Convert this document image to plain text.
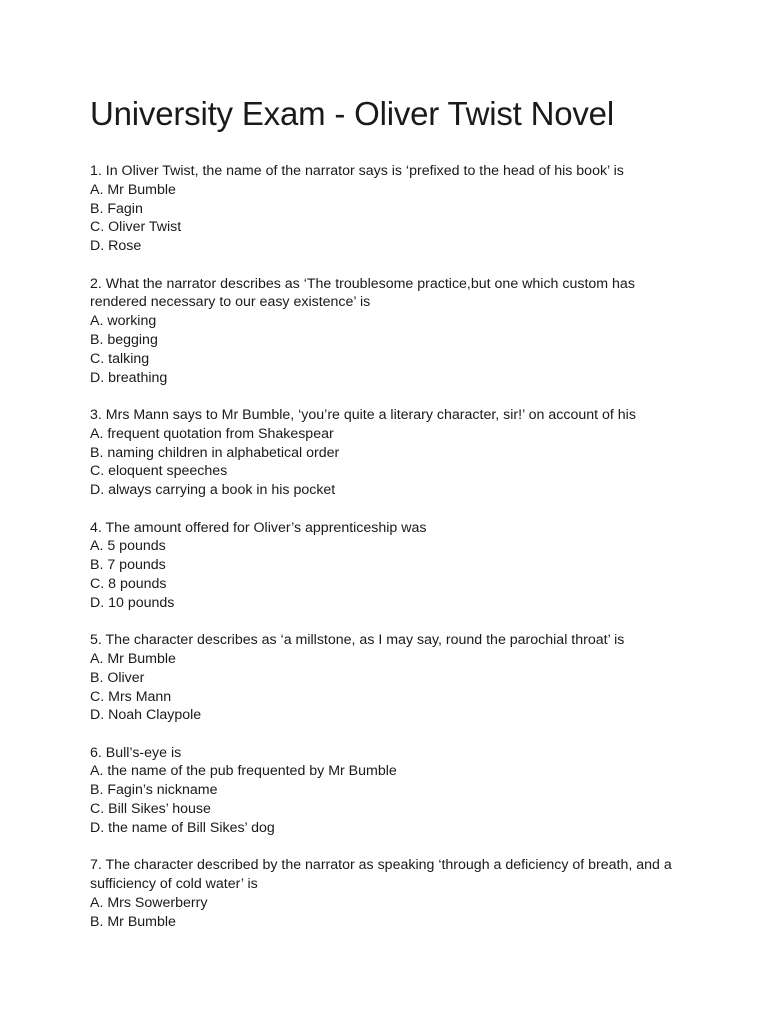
University Exam - Oliver Twist Novel
1. In Oliver Twist, the name of the narrator says is ‘prefixed to the head of his book’ is
A. Mr Bumble
B. Fagin
C. Oliver Twist
D. Rose
2. What the narrator describes as ‘The troublesome practice,but one which custom has rendered necessary to our easy existence’ is
A. working
B. begging
C. talking
D. breathing
3. Mrs Mann says to Mr Bumble, ‘you’re quite a literary character, sir!’ on account of his
A. frequent quotation from Shakespear
B. naming children in alphabetical order
C. eloquent speeches
D. always carrying a book in his pocket
4. The amount offered for Oliver’s apprenticeship was
A. 5 pounds
B. 7 pounds
C. 8 pounds
D. 10 pounds
5. The character describes as ‘a millstone, as I may say, round the parochial throat’ is
A. Mr Bumble
B. Oliver
C. Mrs Mann
D. Noah Claypole
6. Bull’s-eye is
A. the name of the pub frequented by Mr Bumble
B. Fagin’s nickname
C. Bill Sikes’ house
D. the name of Bill Sikes’ dog
7. The character described by the narrator as speaking ‘through a deficiency of breath, and a sufficiency of cold water’ is
A. Mrs Sowerberry
B. Mr Bumble
